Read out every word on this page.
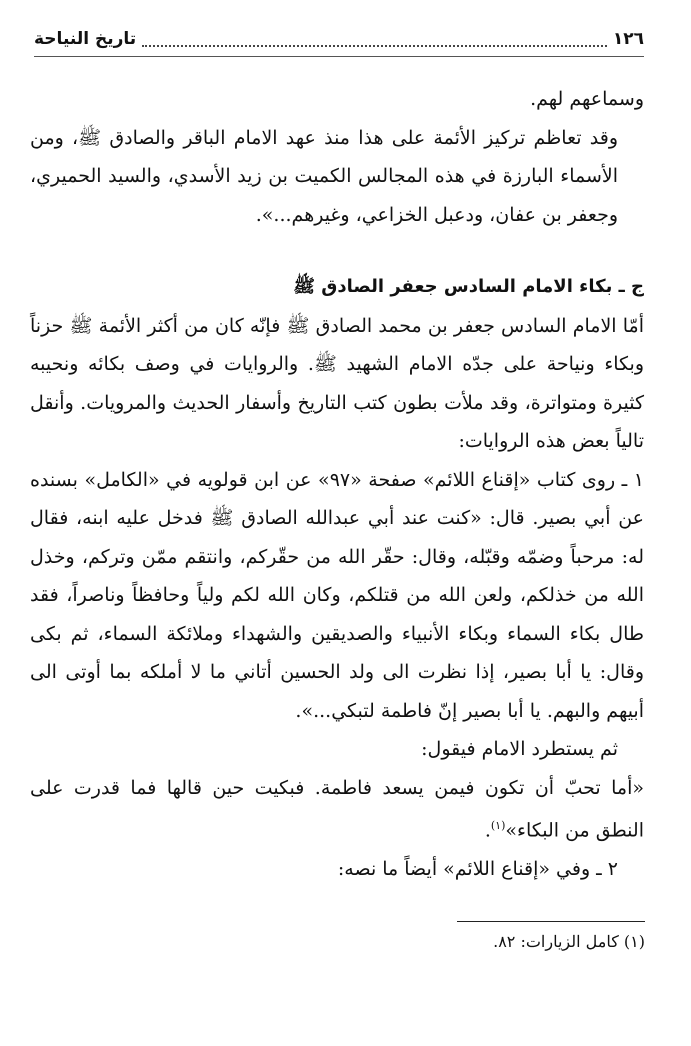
١٢٦
تاريخ النياحة

وسماعهم لهم.

وقد تعاظم تركيز الأئمة على هذا منذ عهد الامام الباقر والصادق ﷺ، ومن الأسماء البارزة في هذه المجالس الكميت بن زيد الأسدي، والسيد الحميري، وجعفر بن عفان، ودعبل الخزاعي، وغيرهم...».

ج ـ بكاء الامام السادس جعفر الصادق ﷺ

أمّا الامام السادس جعفر بن محمد الصادق ﷺ فإنّه كان من أكثر الأئمة ﷺ حزناً وبكاء ونياحة على جدّه الامام الشهيد ﷺ. والروايات في وصف بكائه ونحيبه كثيرة ومتواترة، وقد ملأت بطون كتب التاريخ وأسفار الحديث والمرويات. وأنقل تالياً بعض هذه الروايات:

١ ـ روى كتاب «إقناع اللائم» صفحة «٩٧» عن ابن قولويه في «الكامل» بسنده عن أبي بصير. قال: «كنت عند أبي عبدالله الصادق ﷺ فدخل عليه ابنه، فقال له: مرحباً وضمّه وقبّله، وقال: حقّر الله من حقّركم، وانتقم ممّن وتركم، وخذل الله من خذلكم، ولعن الله من قتلكم، وكان الله لكم ولياً وحافظاً وناصراً، فقد طال بكاء السماء وبكاء الأنبياء والصديقين والشهداء وملائكة السماء، ثم بكى وقال: يا أبا بصير، إذا نظرت الى ولد الحسين أتاني ما لا أملكه بما أوتى الى أبيهم والبهم. يا أبا بصير إنّ فاطمة لتبكي...».

ثم يستطرد الامام فيقول:

«أما تحبّ أن تكون فيمن يسعد فاطمة. فبكيت حين قالها فما قدرت على النطق من البكاء»$^{(١)}$.

٢ ـ وفي «إقناع اللائم» أيضاً ما نصه:

(١) كامل الزيارات: ٨٢.
